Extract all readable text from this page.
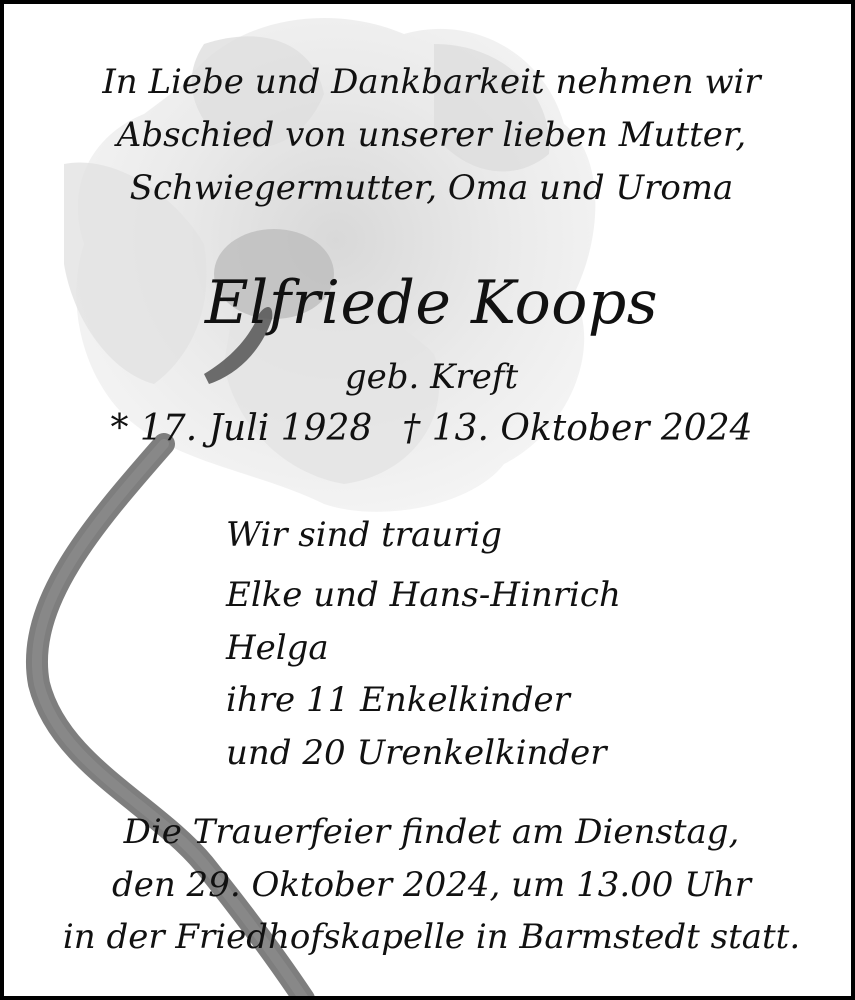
In Liebe und Dankbarkeit nehmen wir
Abschied von unserer lieben Mutter,
Schwiegermutter, Oma und Uroma
Elfriede Koops
geb. Kreft
* 17. Juli 1928 † 13. Oktober 2024
Wir sind traurig
Elke und Hans-Hinrich
Helga
ihre 11 Enkelkinder
und 20 Urenkelkinder
Die Trauerfeier findet am Dienstag,
den 29. Oktober 2024, um 13.00 Uhr
in der Friedhofskapelle in Barmstedt statt.
